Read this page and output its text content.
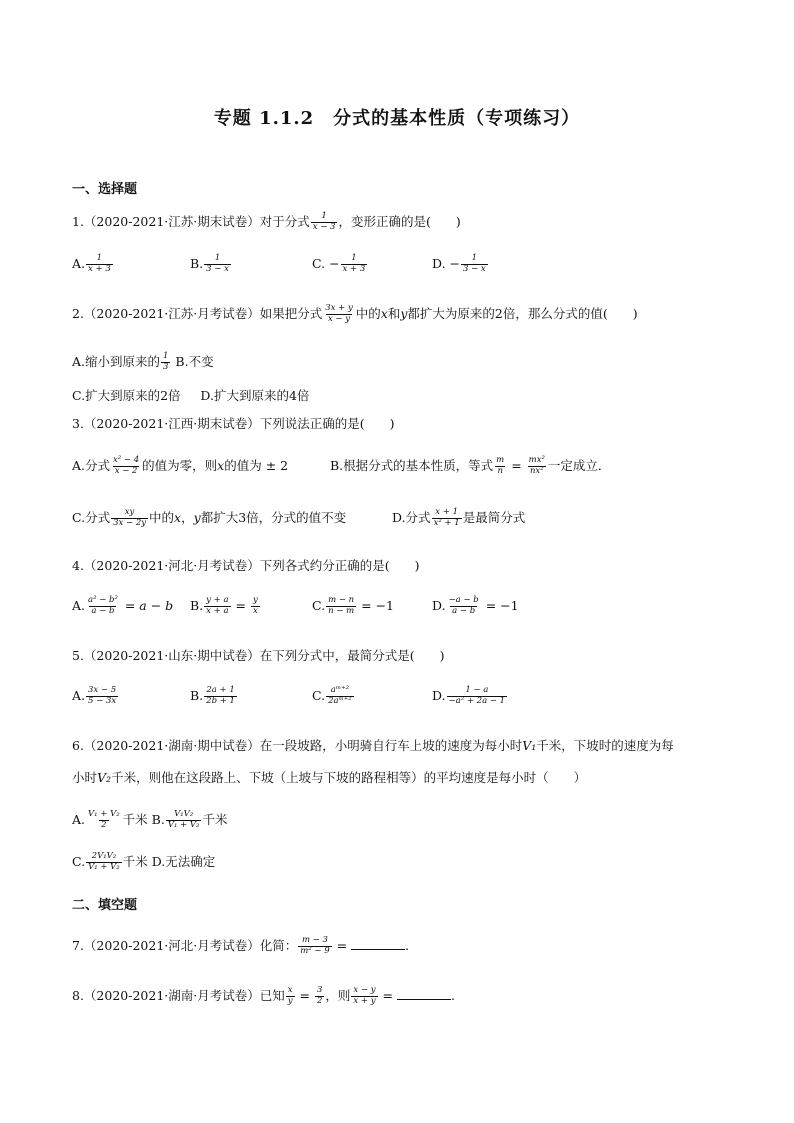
专题 1.1.2　分式的基本性质（专项练习）
一、选择题
1.（2020-2021·江苏·期末试卷）对于分式 $\frac{1}{x - 3}$ ，变形正确的是(　　)
A. $\frac{1}{x + 3}$	B. $\frac{1}{3 - x}$	C. − $\frac{1}{x + 3}$	D. − $\frac{1}{3 - x}$
2.（2020-2021·江苏·月考试卷）如果把分式 $\frac{3x + y}{x - y}$ 中的x和y都扩大为原来的2倍，那么分式的值(　　)
A.缩小到原来的 $\frac{1}{3} B$.不变
C.扩大到原来的2倍 D.扩大到原来的4倍
3.（2020-2021·江西·期末试卷）下列说法正确的是(　　)
A.分式 $\frac{\text{x² − 4}}{x - 2}$ 的值为零，则x的值为 ± 2	B.根据分式的基本性质，等式 $\frac{m}{n} = \frac{\text{mx²}}{\text{nx²}}$ 一定成立．
C.分式 $\frac{xy}{3x - 2y}$ 中的x，y都扩大3倍，分式的值不变	D.分式 $\frac{x + 1}{\text{x² + 1}}$ 是最简分式
4.（2020-2021·河北·月考试卷）下列各式约分正确的是(　　)
A. $\frac{\text{a² − b²}}{a - b} = a - b$ B. $\frac{y + a}{x + a} = \frac{y}{x}$	C. $\frac{m - n}{n - m} = -1$	D. $\frac{-a - b}{a - b} = -1$
5.（2020-2021·山东·期中试卷）在下列分式中，最简分式是(　　)
A. $\frac{3x - 5}{5 - 3x}$	B. $\frac{2a + 1}{2b + 1}$	C. $\frac{\text{aᵐ⁺²}}{\text{2aᵐ⁺²}}$	D. $\frac{1 - a}{\text{−a² + 2a − 1}}$
6.（2020-2021·湖南·期中试卷）在一段坡路，小明骑自行车上坡的速度为每小时V₁千米，下坡时的速度为每
小时V₂千米，则他在这段路上、下坡（上坡与下坡的路程相等）的平均速度是每小时（　　）
A. $\frac{\text{V₁ + V₂}}{2}$ 千米 B. $\frac{\text{V₁V₂}}{\text{V₁ + V₂}}$ 千米
C. $\frac{\text{2V₁V₂}}{\text{V₁ + V₂}}$ 千米 D.无法确定
二、填空题
7.（2020-2021·河北·月考试卷）化简： $\frac{m - 3}{\text{m² − 9}}$ =	.
8.（2020-2021·湖南·月考试卷）已知 $\frac{x}{y} = \frac{3}{2}$ ，则 $\frac{x - y}{x + y}$ =	.
